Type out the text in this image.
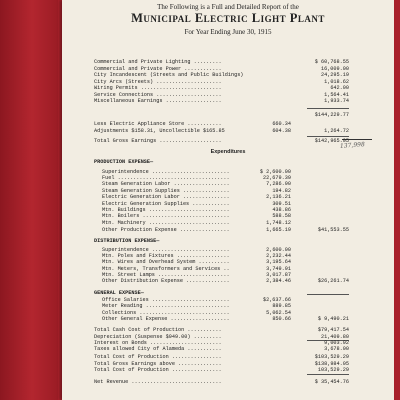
The Following is a Full and Detailed Report of the
Municipal Electric Light Plant
For Year Ending June 30, 1915
137,998
Expenditures
Commercial and Private Lighting .........	$ 60,768.55
Commercial and Private Power ............	16,009.00
City Incandescent (Streets and Public Buildings)	24,295.19
City Arcs (Streets) .....................	1,018.62
Wiring Permits ..........................	642.00
Service Connections .....................	1,564.41
Miscellaneous Earnings ..................	1,933.74
$144,229.77
Less Electric Appliance Store ...........	660.34
Adjustments $158.31, Uncollectible $165.85	604.38	1,264.72
Total Gross Earnings ....................	$142,965.05
PRODUCTION EXPENSE—
Superintendence .........................	$ 2,600.00
Fuel ....................................	22,679.39
Steam Generation Labor ..................	7,286.90
Steam Generation Supplies ...............	194.82
Electric Generation Labor ...............	2,136.21
Electric Generation Supplies ............	309.51
Mtn. Buildings ..........................	438.86
Mtn. Boilers ............................	588.58
Mtn. Machinery ..........................	1,748.12
Other Production Expense ................	1,665.19	$41,553.55
DISTRIBUTION EXPENSE—
Superintendence .........................	2,600.00
Mtn. Poles and Fixtures .................	2,232.44
Mtn. Wires and Overhead System ..........	3,195.64
Mtn. Meters, Transformers and Services ..	3,749.91
Mtn. Street Lamps .......................	3,017.87
Other Distribution Expense ..............	2,384.46	$26,261.74
GENERAL EXPENSE—
Office Salaries .........................	$2,637.66
Meter Reading ...........................	889.85
Collections .............................	5,062.54
Other General Expense ...................	850.66	$ 9,490.21
Total Cash Cost of Production ...........	$79,417.54
Depreciation (Suspense $949.00) .........	21,409.80
Interest on Bonds .......................	9,003.92
Taxes allowed City of Alameda ...........	3,678.00
Total Cost of Production ................	$103,529.29
Total Gross Earnings above ..............	$138,984.05
Total Cost of Production ................	103,529.29
Net Revenue .............................	$ 35,454.76
